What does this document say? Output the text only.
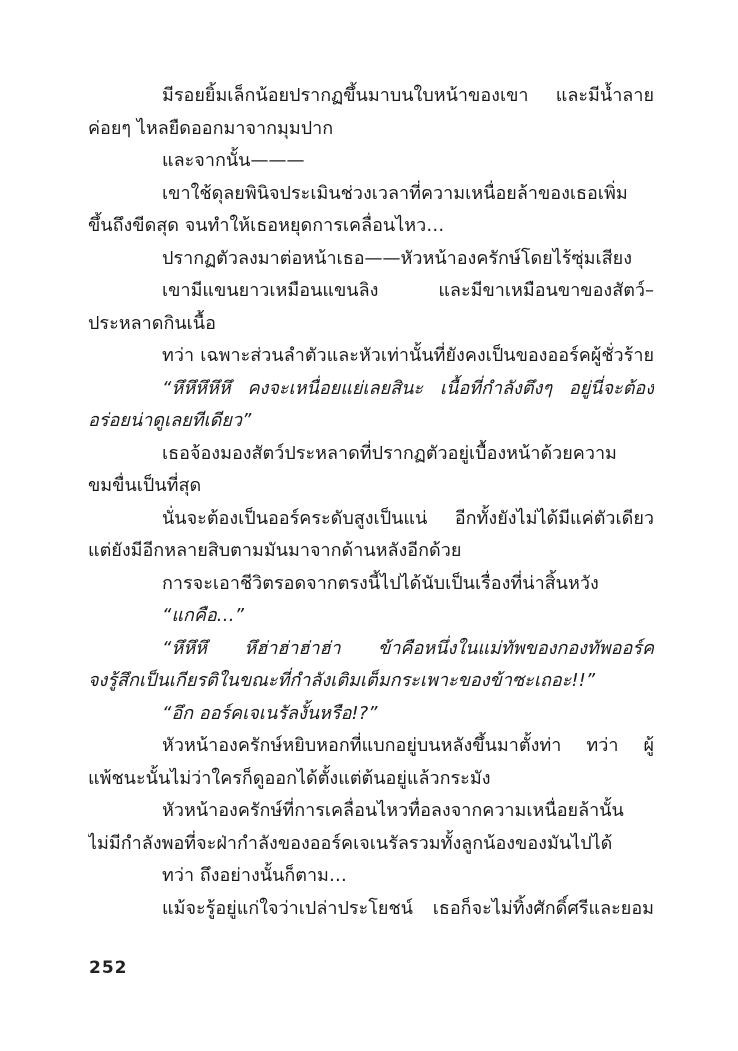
มีรอยยิ้มเล็กน้อยปรากฏขึ้นมาบนใบหน้าของเขา และมีน้ำลาย
ค่อยๆ ไหลยืดออกมาจากมุมปาก
และจากนั้น———
เขาใช้ดุลยพินิจประเมินช่วงเวลาที่ความเหนื่อยล้าของเธอเพิ่ม
ขึ้นถึงขีดสุด จนทำให้เธอหยุดการเคลื่อนไหว…
ปรากฏตัวลงมาต่อหน้าเธอ——หัวหน้าองครักษ์โดยไร้ซุ่มเสียง
เขามีแขนยาวเหมือนแขนลิง และมีขาเหมือนขาของสัตว์–
ประหลาดกินเนื้อ
ทว่า เฉพาะส่วนลำตัวและหัวเท่านั้นที่ยังคงเป็นของออร์คผู้ชั่วร้าย
“หึหึหึหึหึ คงจะเหนื่อยแย่เลยสินะ เนื้อที่กำลังตึงๆ อยู่นี่จะต้อง
อร่อยน่าดูเลยทีเดียว”
เธอจ้องมองสัตว์ประหลาดที่ปรากฏตัวอยู่เบื้องหน้าด้วยความ
ขมขื่นเป็นที่สุด
นั่นจะต้องเป็นออร์คระดับสูงเป็นแน่ อีกทั้งยังไม่ได้มีแค่ตัวเดียว
แต่ยังมีอีกหลายสิบตามมันมาจากด้านหลังอีกด้วย
การจะเอาชีวิตรอดจากตรงนี้ไปได้นับเป็นเรื่องที่น่าสิ้นหวัง
“แกคือ…”
“หึหึหึ หึฮ่าฮ่าฮ่าฮ่า ข้าคือหนึ่งในแม่ทัพของกองทัพออร์ค
จงรู้สึกเป็นเกียรติในขณะที่กำลังเติมเต็มกระเพาะของข้าซะเถอะ!!”
“อึก ออร์คเจเนรัลงั้นหรือ!?”
หัวหน้าองครักษ์หยิบหอกที่แบกอยู่บนหลังขึ้นมาตั้งท่า ทว่า ผู้
แพ้ชนะนั้นไม่ว่าใครก็ดูออกได้ตั้งแต่ต้นอยู่แล้วกระมัง
หัวหน้าองครักษ์ที่การเคลื่อนไหวทื่อลงจากความเหนื่อยล้านั้น
ไม่มีกำลังพอที่จะฝ่ากำลังของออร์คเจเนรัลรวมทั้งลูกน้องของมันไปได้
ทว่า ถึงอย่างนั้นก็ตาม…
แม้จะรู้อยู่แก่ใจว่าเปล่าประโยชน์ เธอก็จะไม่ทิ้งศักดิ์ศรีและยอม
252
